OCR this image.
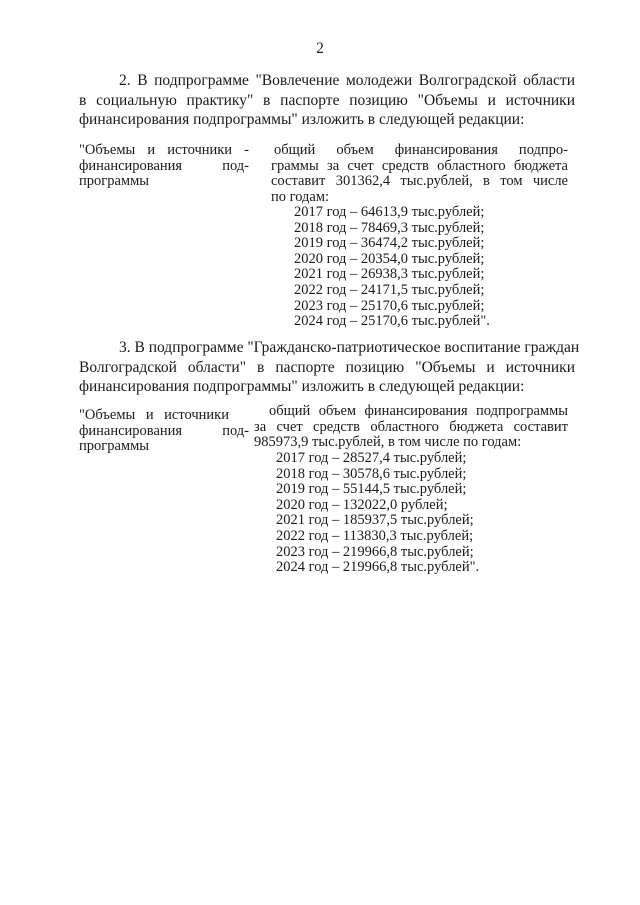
2
2. В подпрограмме "Вовлечение молодежи Волгоградской области
в социальную практику" в паспорте позицию "Объемы и источники
финансирования подпрограммы" изложить в следующей редакции:
"Объемы и источники -
финансирования под-
программы
общий объем финансирования подпро-
граммы за счет средств областного бюджета
составит 301362,4 тыс.рублей, в том числе
по годам:
2017 год – 64613,9 тыс.рублей;
2018 год – 78469,3 тыс.рублей;
2019 год – 36474,2 тыс.рублей;
2020 год – 20354,0 тыс.рублей;
2021 год – 26938,3 тыс.рублей;
2022 год – 24171,5 тыс.рублей;
2023 год – 25170,6 тыс.рублей;
2024 год – 25170,6 тыс.рублей".
3. В подпрограмме "Гражданско-патриотическое воспитание граждан
Волгоградской области" в паспорте позицию "Объемы и источники
финансирования подпрограммы" изложить в следующей редакции:
"Объемы и источники
финансирования под-
программы
общий объем финансирования подпрограммы
за счет средств областного бюджета составит
985973,9 тыс.рублей, в том числе по годам:
2017 год – 28527,4 тыс.рублей;
2018 год – 30578,6 тыс.рублей;
2019 год – 55144,5 тыс.рублей;
2020 год – 132022,0 рублей;
2021 год – 185937,5 тыс.рублей;
2022 год – 113830,3 тыс.рублей;
2023 год – 219966,8 тыс.рублей;
2024 год – 219966,8 тыс.рублей".
